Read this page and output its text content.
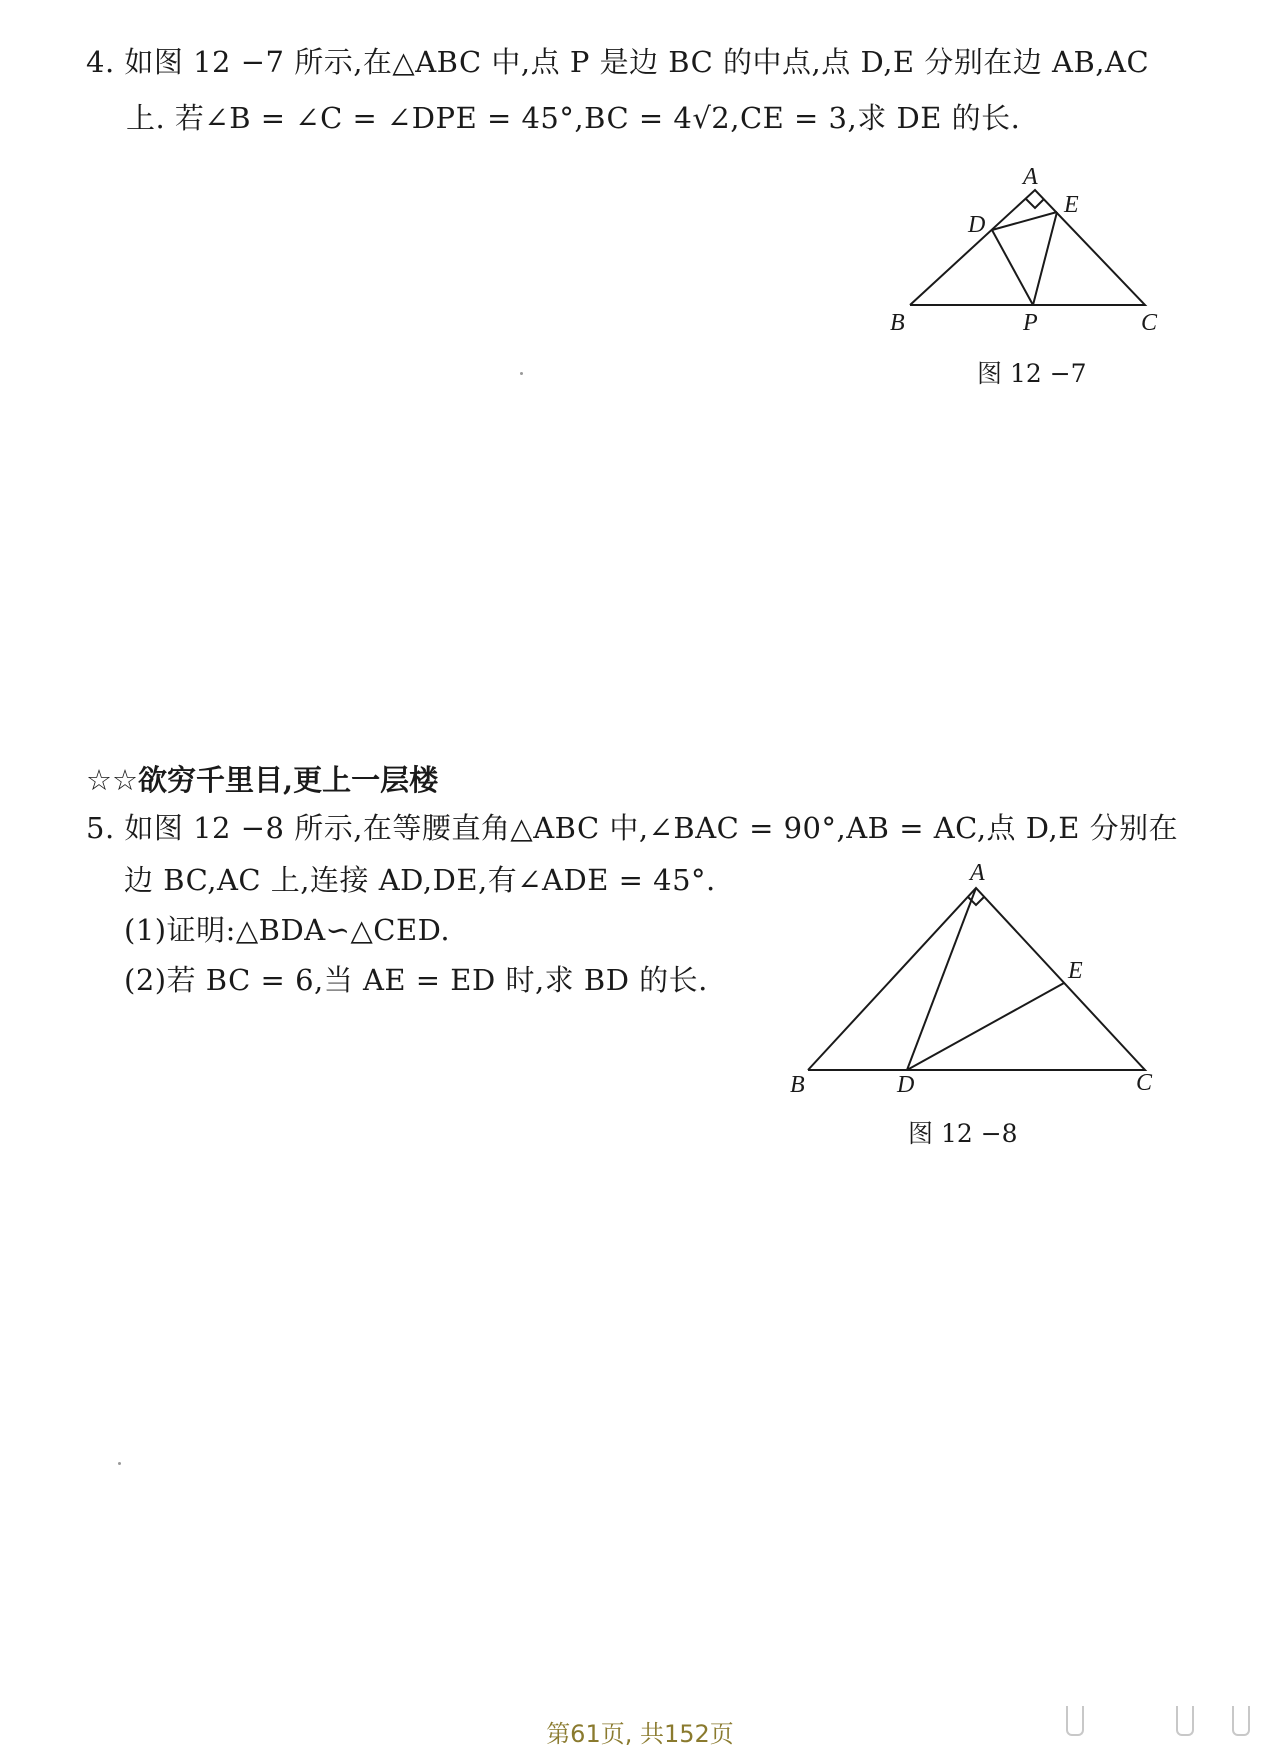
4. 如图 12 −7 所示,在△ABC 中,点 P 是边 BC 的中点,点 D,E 分别在边 AB,AC
上. 若∠B = ∠C = ∠DPE = 45°,BC = 4√2,CE = 3,求 DE 的长.
A
B	C
D
E
P
图 12 −7
☆☆欲穷千里目,更上一层楼
5. 如图 12 −8 所示,在等腰直角△ABC 中,∠BAC = 90°,AB = AC,点 D,E 分别在
边 BC,AC 上,连接 AD,DE,有∠ADE = 45°.
(1)证明:△BDA∽△CED.
(2)若 BC = 6,当 AE = ED 时,求 BD 的长.
A
B	C
D
E
图 12 −8
第61页, 共152页
